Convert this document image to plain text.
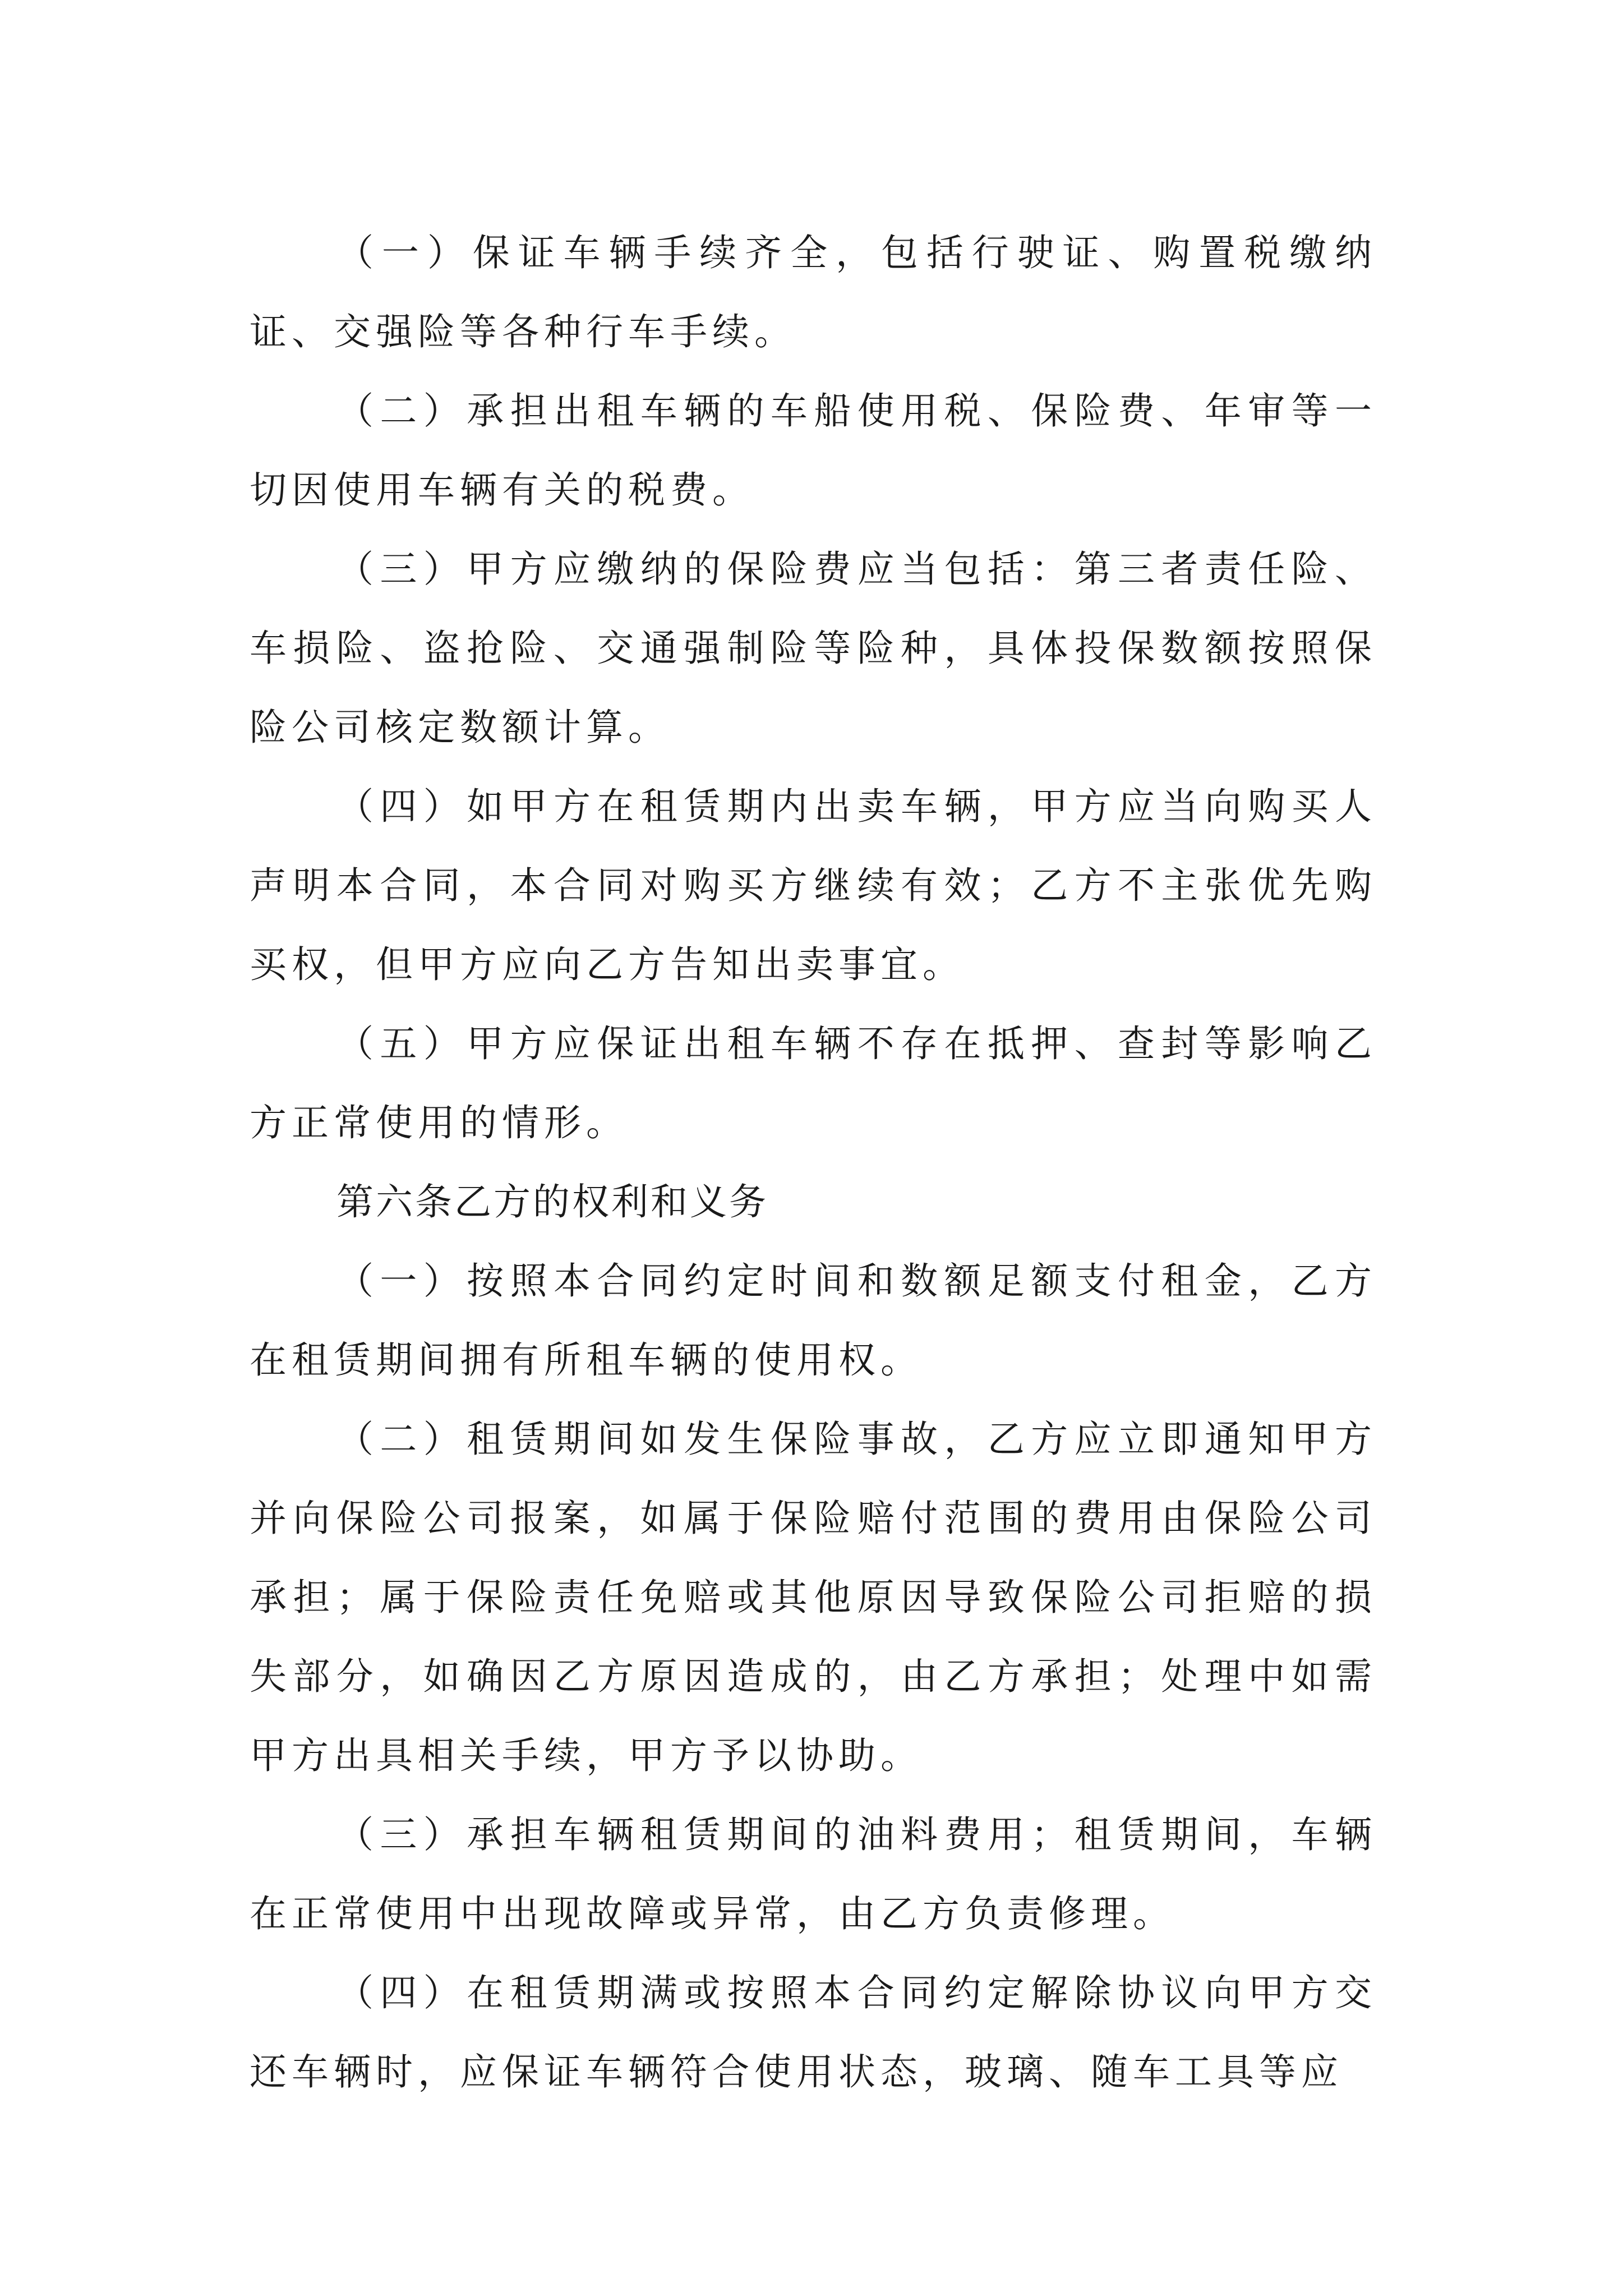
（一）保证车辆手续齐全，包括行驶证、购置税缴纳证、交强险等各种行车手续。

（二）承担出租车辆的车船使用税、保险费、年审等一切因使用车辆有关的税费。

（三）甲方应缴纳的保险费应当包括：第三者责任险、车损险、盗抢险、交通强制险等险种，具体投保数额按照保险公司核定数额计算。

（四）如甲方在租赁期内出卖车辆，甲方应当向购买人声明本合同，本合同对购买方继续有效；乙方不主张优先购买权，但甲方应向乙方告知出卖事宜。

（五）甲方应保证出租车辆不存在抵押、查封等影响乙方正常使用的情形。

第六条乙方的权利和义务

（一）按照本合同约定时间和数额足额支付租金，乙方在租赁期间拥有所租车辆的使用权。

（二）租赁期间如发生保险事故，乙方应立即通知甲方并向保险公司报案，如属于保险赔付范围的费用由保险公司承担；属于保险责任免赔或其他原因导致保险公司拒赔的损失部分，如确因乙方原因造成的，由乙方承担；处理中如需甲方出具相关手续，甲方予以协助。

（三）承担车辆租赁期间的油料费用；租赁期间，车辆在正常使用中出现故障或异常，由乙方负责修理。

（四）在租赁期满或按照本合同约定解除协议向甲方交还车辆时，应保证车辆符合使用状态，玻璃、随车工具等应
